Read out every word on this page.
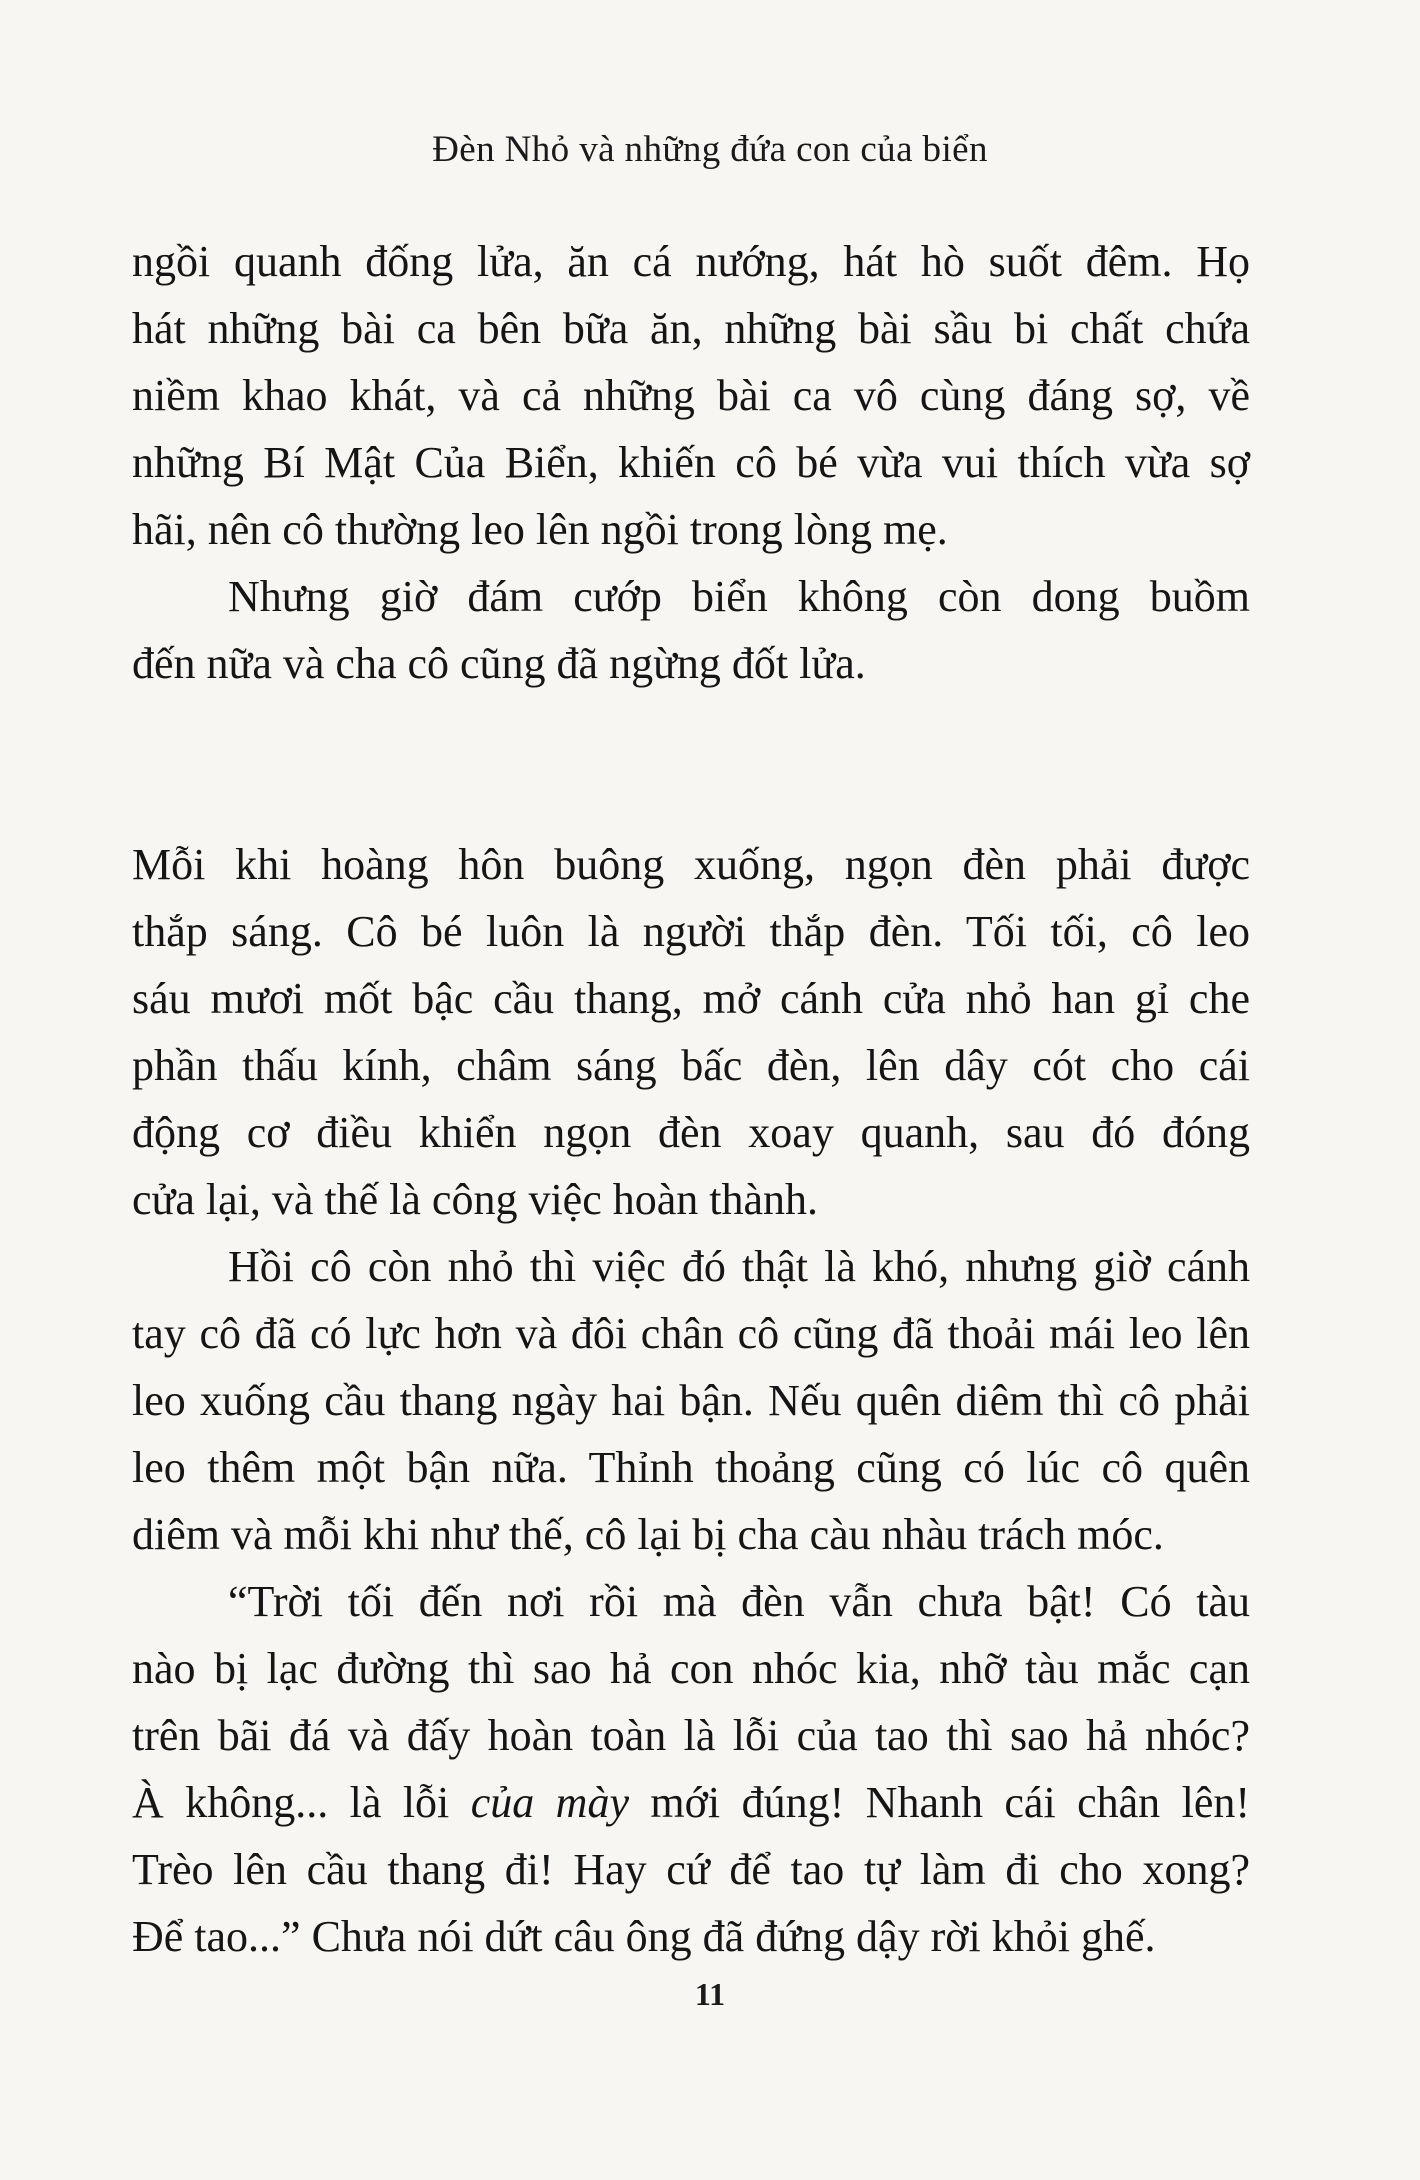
Đèn Nhỏ và những đứa con của biển
ngồi quanh đống lửa, ăn cá nướng, hát hò suốt đêm. Họ
hát những bài ca bên bữa ăn, những bài sầu bi chất chứa
niềm khao khát, và cả những bài ca vô cùng đáng sợ, về
những Bí Mật Của Biển, khiến cô bé vừa vui thích vừa sợ
hãi, nên cô thường leo lên ngồi trong lòng mẹ.
Nhưng giờ đám cướp biển không còn dong buồm
đến nữa và cha cô cũng đã ngừng đốt lửa.
Mỗi khi hoàng hôn buông xuống, ngọn đèn phải được
thắp sáng. Cô bé luôn là người thắp đèn. Tối tối, cô leo
sáu mươi mốt bậc cầu thang, mở cánh cửa nhỏ han gỉ che
phần thấu kính, châm sáng bấc đèn, lên dây cót cho cái
động cơ điều khiển ngọn đèn xoay quanh, sau đó đóng
cửa lại, và thế là công việc hoàn thành.
Hồi cô còn nhỏ thì việc đó thật là khó, nhưng giờ cánh
tay cô đã có lực hơn và đôi chân cô cũng đã thoải mái leo lên
leo xuống cầu thang ngày hai bận. Nếu quên diêm thì cô phải
leo thêm một bận nữa. Thỉnh thoảng cũng có lúc cô quên
diêm và mỗi khi như thế, cô lại bị cha càu nhàu trách móc.
“Trời tối đến nơi rồi mà đèn vẫn chưa bật! Có tàu
nào bị lạc đường thì sao hả con nhóc kia, nhỡ tàu mắc cạn
trên bãi đá và đấy hoàn toàn là lỗi của tao thì sao hả nhóc?
À không... là lỗi của mày mới đúng! Nhanh cái chân lên!
Trèo lên cầu thang đi! Hay cứ để tao tự làm đi cho xong?
Để tao...” Chưa nói dứt câu ông đã đứng dậy rời khỏi ghế.
11
